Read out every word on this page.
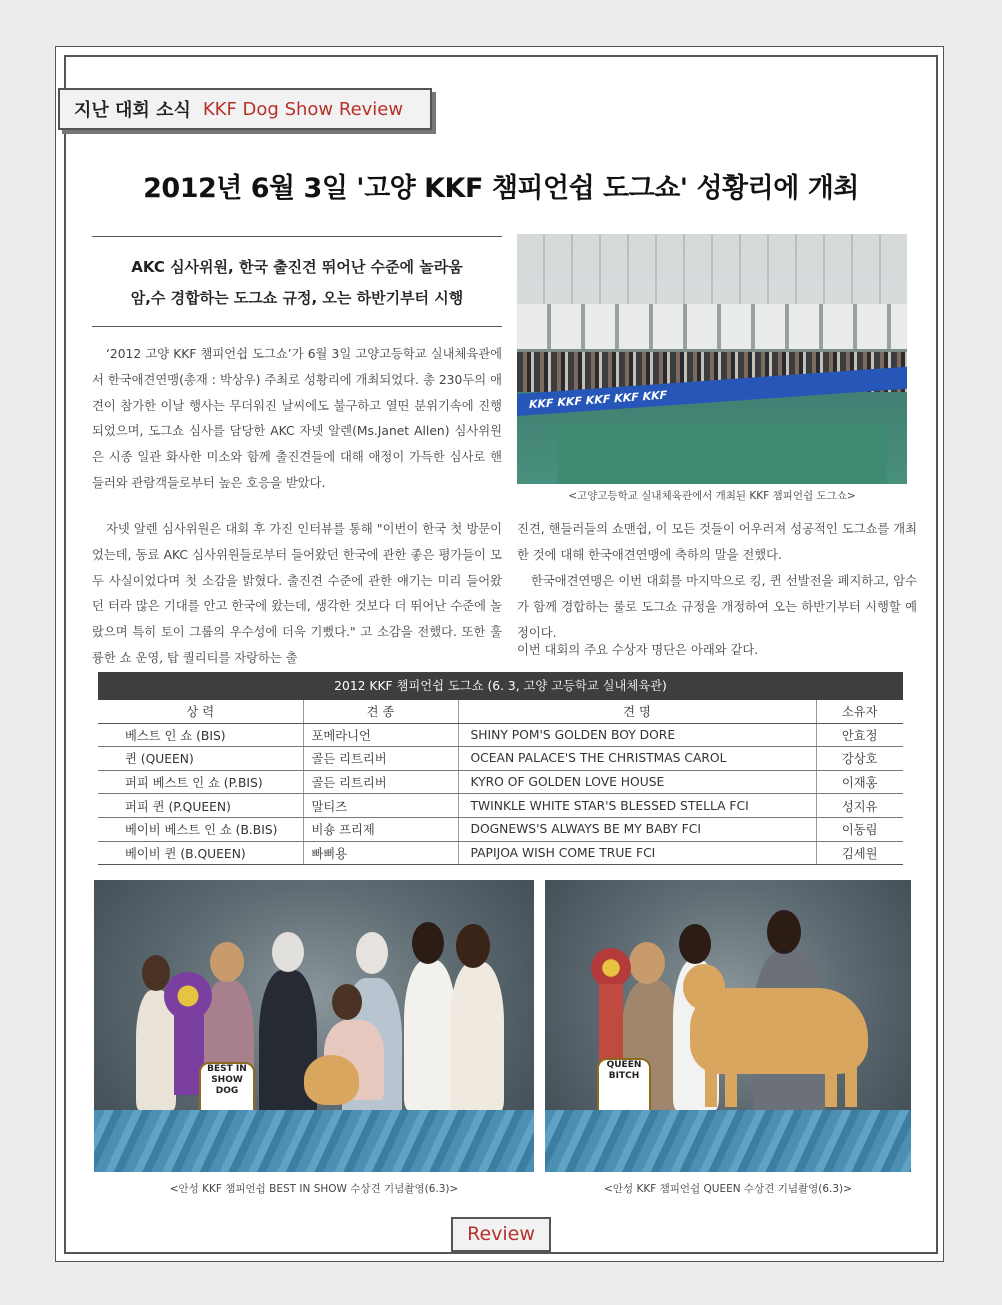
지난 대회 소식 KKF Dog Show Review
2012년 6월 3일 '고양 KKF 챔피언쉽 도그쇼' 성황리에 개최
AKC 심사위원, 한국 출진견 뛰어난 수준에 놀라움
암,수 경합하는 도그쇼 규정, 오는 하반기부터 시행

‘2012 고양 KKF 챔피언쉽 도그쇼’가 6월 3일 고양고등학교 실내체육관에서 한국애견연맹(총재 : 박상우) 주최로 성황리에 개최되었다. 총 230두의 애견이 참가한 이날 행사는 무더워진 날씨에도 불구하고 열띤 분위기속에 진행되었으며, 도그쇼 심사를 담당한 AKC 자넷 알렌(Ms.Janet Allen) 심사위원은 시종 일관 화사한 미소와 함께 출진견들에 대해 애정이 가득한 심사로 핸들러와 관람객들로부터 높은 호응을 받았다.

자넷 알렌 심사위원은 대회 후 가진 인터뷰를 통해 "이번이 한국 첫 방문이었는데, 동료 AKC 심사위원들로부터 들어왔던 한국에 관한 좋은 평가들이 모두 사실이었다며 첫 소감을 밝혔다. 출진견 수준에 관한 얘기는 미리 들어왔던 터라 많은 기대를 안고 한국에 왔는데, 생각한 것보다 더 뛰어난 수준에 놀랐으며 특히 토이 그룹의 우수성에 더욱 기뻤다." 고 소감을 전했다. 또한 훌륭한 쇼 운영, 탑 퀄리티를 자랑하는 출

진견, 핸들러들의 쇼맨쉽, 이 모든 것들이 어우러져 성공적인 도그쇼를 개최한 것에 대해 한국애견연맹에 축하의 말을 전했다.

한국애견연맹은 이번 대회를 마지막으로 킹, 퀸 선발전을 폐지하고, 암수가 함께 경합하는 룰로 도그쇼 규정을 개정하여 오는 하반기부터 시행할 예정이다.

이번 대회의 주요 수상자 명단은 아래와 같다.

KKF KKF KKF KKF KKF
<고양고등학교 실내체육관에서 개최된 KKF 챔피언쉽 도그쇼>
2012 KKF 챔피언쉽 도그쇼 (6. 3, 고양 고등학교 실내체육관)
상 력	견 종	견 명	소유자
베스트 인 쇼 (BIS)	포메라니언	SHINY POM'S GOLDEN BOY DORE	안효정
퀸 (QUEEN)	골든 리트리버	OCEAN PALACE'S THE CHRISTMAS CAROL	강상호
퍼피 베스트 인 쇼 (P.BIS)	골든 리트리버	KYRO OF GOLDEN LOVE HOUSE	이재홍
퍼피 퀸 (P.QUEEN)	말티즈	TWINKLE WHITE STAR'S BLESSED STELLA FCI	성지유
베이비 베스트 인 쇼 (B.BIS)	비숑 프리제	DOGNEWS'S ALWAYS BE MY BABY FCI	이동림
베이비 퀸 (B.QUEEN)	빠삐용	PAPIJOA WISH COME TRUE FCI	김세원
BEST IN SHOW
DOG
<안성 KKF 챔피언쉽 BEST IN SHOW 수상견 기념촬영(6.3)>
QUEEN
BITCH
<안성 KKF 챔피언쉽 QUEEN 수상견 기념촬영(6.3)>
Review
